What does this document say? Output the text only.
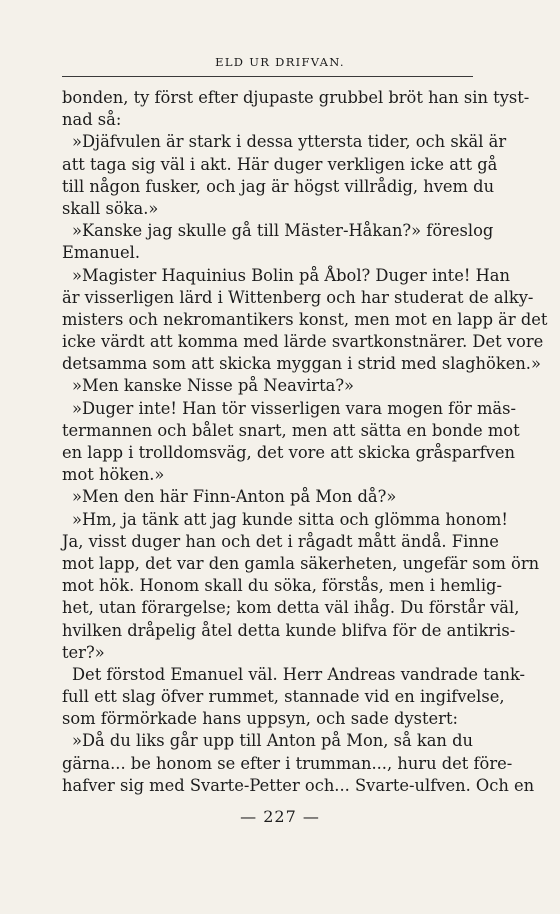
ELD UR DRIFVAN.
bonden, ty först efter djupaste grubbel bröt han sin tyst-
nad så:
»Djäfvulen är stark i dessa yttersta tider, och skäl är
att taga sig väl i akt. Här duger verkligen icke att gå
till någon fusker, och jag är högst villrådig, hvem du
skall söka.»
»Kanske jag skulle gå till Mäster-Håkan?» föreslog
Emanuel.
»Magister Haquinius Bolin på Åbol? Duger inte! Han
är visserligen lärd i Wittenberg och har studerat de alky-
misters och nekromantikers konst, men mot en lapp är det
icke värdt att komma med lärde svartkonstnärer. Det vore
detsamma som att skicka myggan i strid med slaghöken.»
»Men kanske Nisse på Neavirta?»
»Duger inte! Han tör visserligen vara mogen för mäs-
termannen och bålet snart, men att sätta en bonde mot
en lapp i trolldomsväg, det vore att skicka gråsparfven
mot höken.»
»Men den här Finn-Anton på Mon då?»
»Hm, ja tänk att jag kunde sitta och glömma honom!
Ja, visst duger han och det i rågadt mått ändå. Finne
mot lapp, det var den gamla säkerheten, ungefär som örn
mot hök. Honom skall du söka, förstås, men i hemlig-
het, utan förargelse; kom detta väl ihåg. Du förstår väl,
hvilken dråpelig åtel detta kunde blifva för de antikris-
ter?»
Det förstod Emanuel väl. Herr Andreas vandrade tank-
full ett slag öfver rummet, stannade vid en ingifvelse,
som förmörkade hans uppsyn, och sade dystert:
»Då du liks går upp till Anton på Mon, så kan du
gärna... be honom se efter i trumman..., huru det före-
hafver sig med Svarte-Petter och... Svarte-ulfven. Och en
— 227 —
